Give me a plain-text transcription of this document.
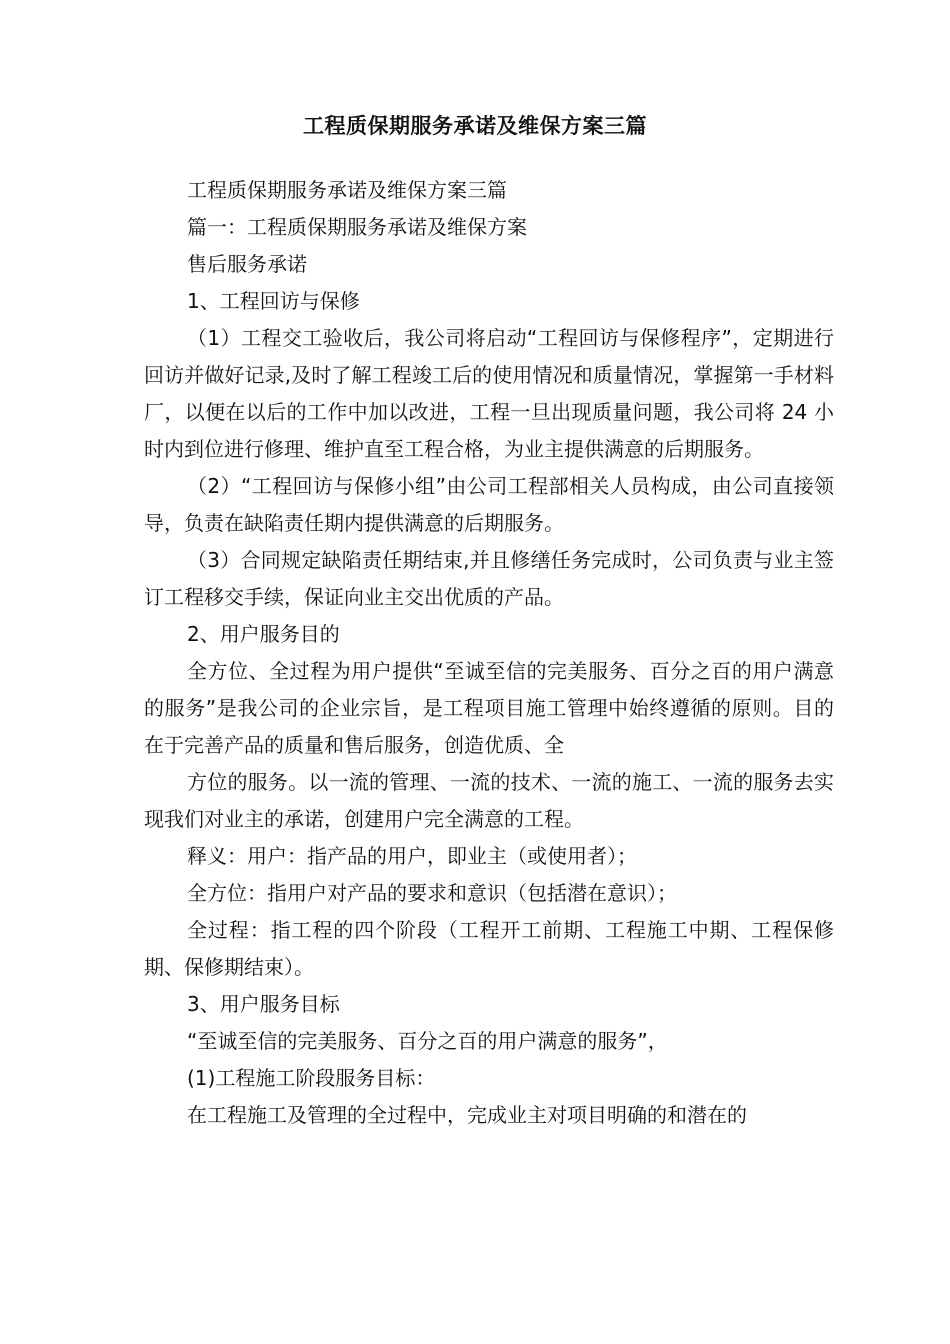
工程质保期服务承诺及维保方案三篇

工程质保期服务承诺及维保方案三篇

篇一：工程质保期服务承诺及维保方案

售后服务承诺

1、工程回访与保修

（1）工程交工验收后，我公司将启动“工程回访与保修程序”，定期进行回访并做好记录,及时了解工程竣工后的使用情况和质量情况，掌握第一手材料厂，以便在以后的工作中加以改进，工程一旦出现质量问题，我公司将 24 小时内到位进行修理、维护直至工程合格，为业主提供满意的后期服务。

（2）“工程回访与保修小组”由公司工程部相关人员构成，由公司直接领导，负责在缺陷责任期内提供满意的后期服务。

（3）合同规定缺陷责任期结束,并且修缮任务完成时，公司负责与业主签订工程移交手续，保证向业主交出优质的产品。

2、用户服务目的

全方位、全过程为用户提供“至诚至信的完美服务、百分之百的用户满意的服务”是我公司的企业宗旨，是工程项目施工管理中始终遵循的原则。目的在于完善产品的质量和售后服务，创造优质、全

方位的服务。以一流的管理、一流的技术、一流的施工、一流的服务去实现我们对业主的承诺，创建用户完全满意的工程。

释义：用户：指产品的用户，即业主（或使用者）；

全方位：指用户对产品的要求和意识（包括潜在意识）；

全过程：指工程的四个阶段（工程开工前期、工程施工中期、工程保修期、保修期结束）。

3、用户服务目标

“至诚至信的完美服务、百分之百的用户满意的服务”，

(1)工程施工阶段服务目标：

在工程施工及管理的全过程中，完成业主对项目明确的和潜在的
